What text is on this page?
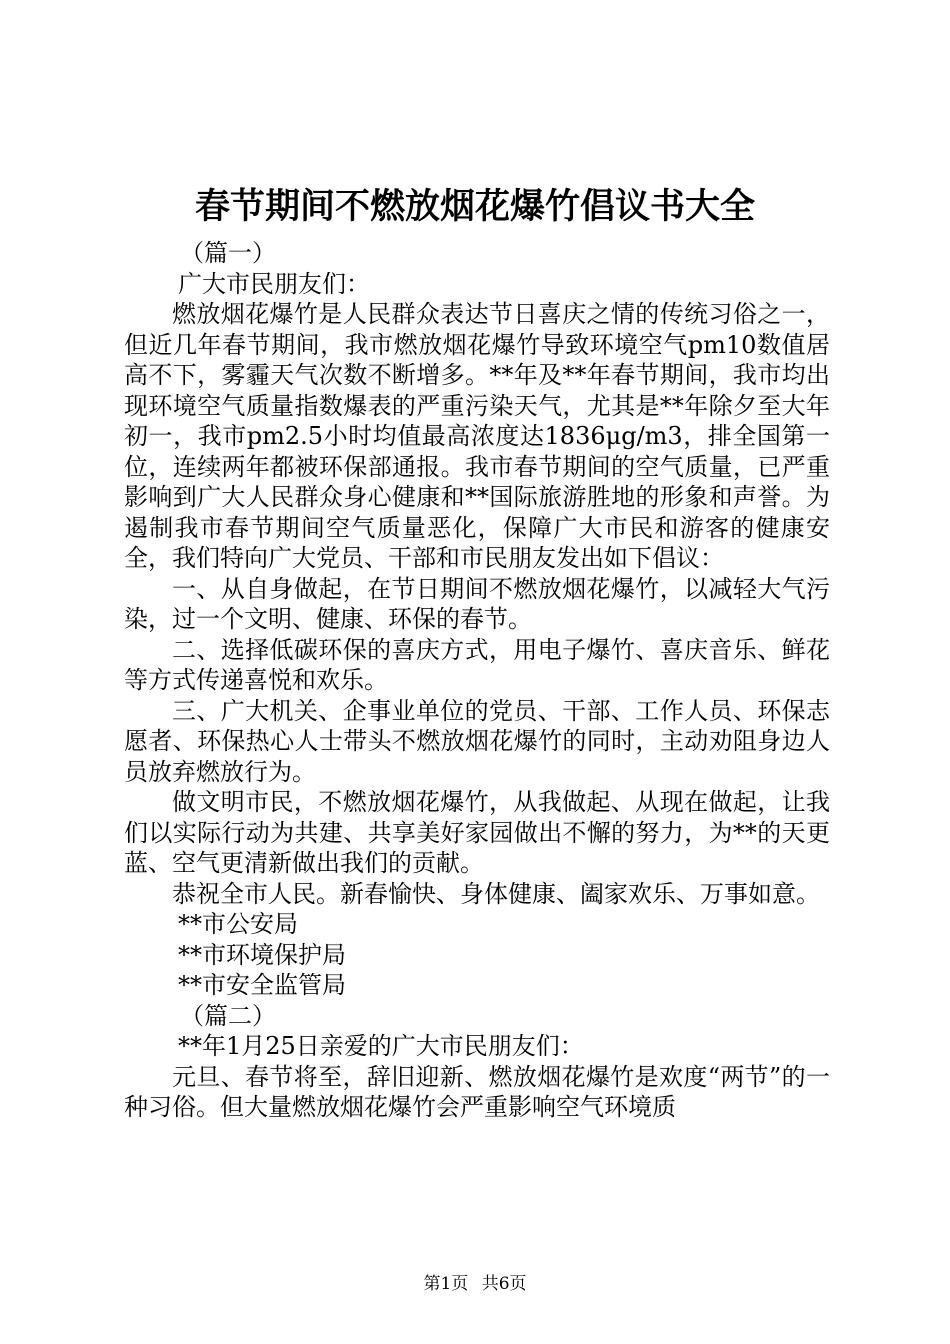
春节期间不燃放烟花爆竹倡议书大全

（篇一）

广大市民朋友们：

燃放烟花爆竹是人民群众表达节日喜庆之情的传统习俗之一，但近几年春节期间，我市燃放烟花爆竹导致环境空气pm10数值居高不下，雾霾天气次数不断增多。**年及**年春节期间，我市均出现环境空气质量指数爆表的严重污染天气，尤其是**年除夕至大年初一，我市pm2.5小时均值最高浓度达1836μg/m3，排全国第一位，连续两年都被环保部通报。我市春节期间的空气质量，已严重影响到广大人民群众身心健康和**国际旅游胜地的形象和声誉。为遏制我市春节期间空气质量恶化，保障广大市民和游客的健康安全，我们特向广大党员、干部和市民朋友发出如下倡议：

一、从自身做起，在节日期间不燃放烟花爆竹，以减轻大气污染，过一个文明、健康、环保的春节。

二、选择低碳环保的喜庆方式，用电子爆竹、喜庆音乐、鲜花等方式传递喜悦和欢乐。

三、广大机关、企事业单位的党员、干部、工作人员、环保志愿者、环保热心人士带头不燃放烟花爆竹的同时，主动劝阻身边人员放弃燃放行为。

做文明市民，不燃放烟花爆竹，从我做起、从现在做起，让我们以实际行动为共建、共享美好家园做出不懈的努力，为**的天更蓝、空气更清新做出我们的贡献。

恭祝全市人民。新春愉快、身体健康、阖家欢乐、万事如意。

**市公安局

**市环境保护局

**市安全监管局

（篇二）

**年1月25日亲爱的广大市民朋友们：

元旦、春节将至，辞旧迎新、燃放烟花爆竹是欢度“两节”的一种习俗。但大量燃放烟花爆竹会严重影响空气环境质

第1页 共6页
